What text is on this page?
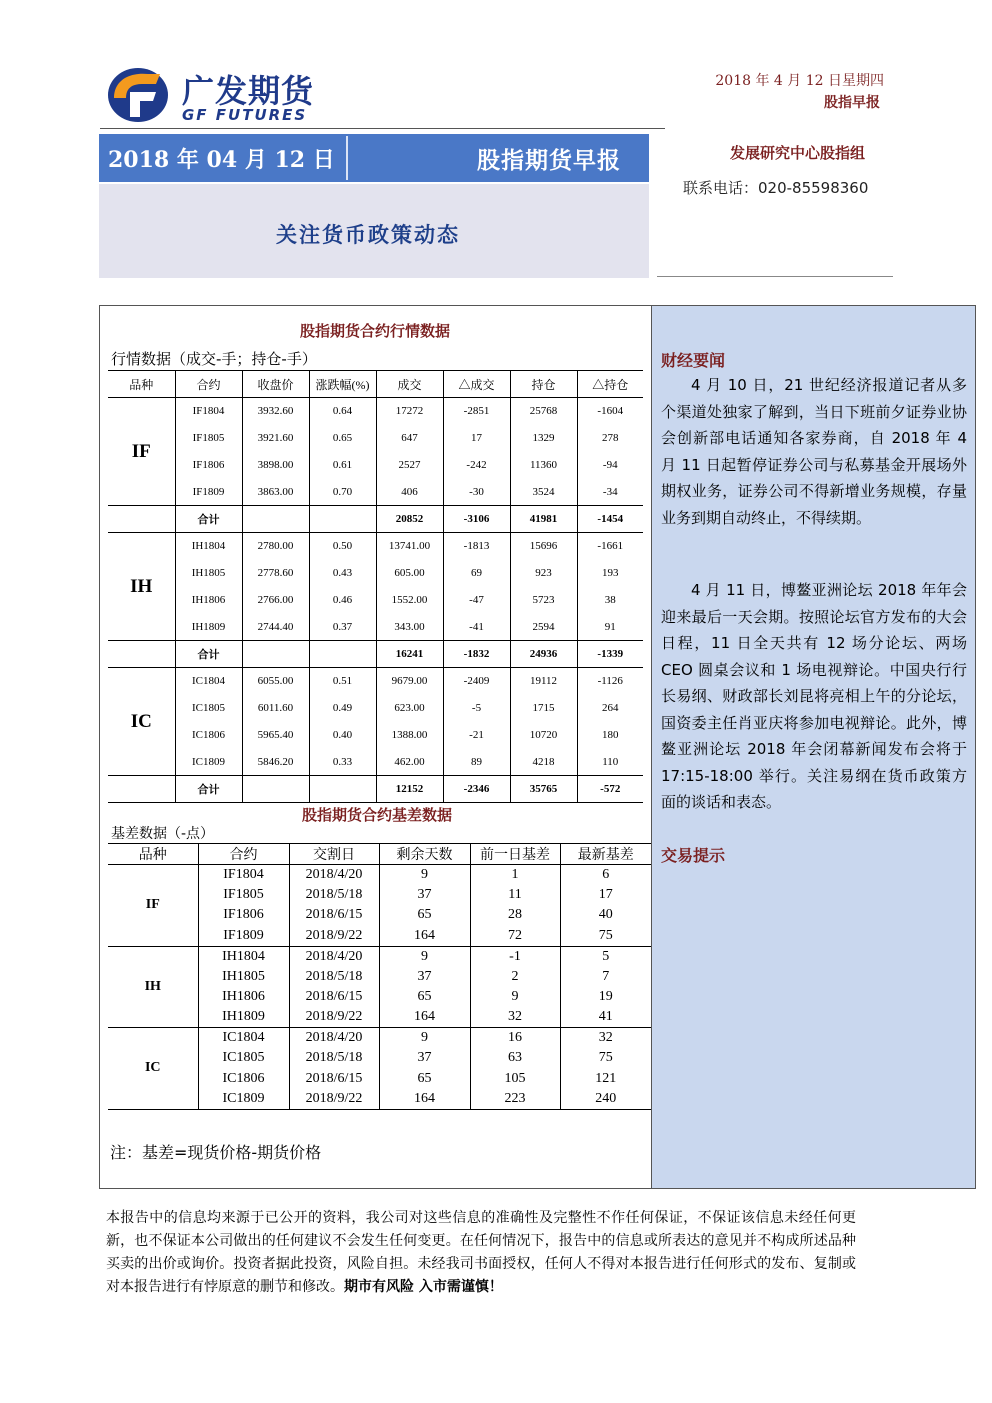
广发期货
GF FUTURES
2018 年 4 月 12 日星期四
股指早报
2018 年 04 月 12 日	股指期货早报
关注货币政策动态
发展研究中心股指组
联系电话：020-85598360
股指期货合约行情数据
行情数据（成交-手；持仓-手）
品种	合约	收盘价	涨跌幅(%)	成交	△成交	持仓	△持仓
IF	IF1804	3932.60	0.64	17272	-2851	25768	-1604
	IF1805	3921.60	0.65	647	17	1329	278
	IF1806	3898.00	0.61	2527	-242	11360	-94
	IF1809	3863.00	0.70	406	-30	3524	-34
	合计			20852	-3106	41981	-1454
IH	IH1804	2780.00	0.50	13741.00	-1813	15696	-1661
	IH1805	2778.60	0.43	605.00	69	923	193
	IH1806	2766.00	0.46	1552.00	-47	5723	38
	IH1809	2744.40	0.37	343.00	-41	2594	91
	合计			16241	-1832	24936	-1339
IC	IC1804	6055.00	0.51	9679.00	-2409	19112	-1126
	IC1805	6011.60	0.49	623.00	-5	1715	264
	IC1806	5965.40	0.40	1388.00	-21	10720	180
	IC1809	5846.20	0.33	462.00	89	4218	110
	合计			12152	-2346	35765	-572
股指期货合约基差数据
基差数据（-点）
品种	合约	交割日	剩余天数	前一日基差	最新基差
IF	IF1804	2018/4/20	9	1	6
	IF1805	2018/5/18	37	11	17
	IF1806	2018/6/15	65	28	40
	IF1809	2018/9/22	164	72	75
IH	IH1804	2018/4/20	9	-1	5
	IH1805	2018/5/18	37	2	7
	IH1806	2018/6/15	65	9	19
	IH1809	2018/9/22	164	32	41
IC	IC1804	2018/4/20	9	16	32
	IC1805	2018/5/18	37	63	75
	IC1806	2018/6/15	65	105	121
	IC1809	2018/9/22	164	223	240
注：基差=现货价格-期货价格
财经要闻
4 月 10 日，21 世纪经济报道记者从多个渠道处独家了解到，当日下班前夕证券业协会创新部电话通知各家券商，自 2018 年 4 月 11 日起暂停证券公司与私募基金开展场外期权业务，证券公司不得新增业务规模，存量业务到期自动终止，不得续期。
4 月 11 日，博鳌亚洲论坛 2018 年年会迎来最后一天会期。按照论坛官方发布的大会日程，11 日全天共有 12 场分论坛、两场 CEO 圆桌会议和 1 场电视辩论。中国央行行长易纲、财政部长刘昆将亮相上午的分论坛，国资委主任肖亚庆将参加电视辩论。此外，博鳌亚洲论坛 2018 年会闭幕新闻发布会将于 17:15-18:00 举行。关注易纲在货币政策方面的谈话和表态。
交易提示
本报告中的信息均来源于已公开的资料，我公司对这些信息的准确性及完整性不作任何保证，不保证该信息未经任何更新，也不保证本公司做出的任何建议不会发生任何变更。在任何情况下，报告中的信息或所表达的意见并不构成所述品种买卖的出价或询价。投资者据此投资，风险自担。未经我司书面授权，任何人不得对本报告进行任何形式的发布、复制或对本报告进行有悖原意的删节和修改。期市有风险 入市需谨慎！
